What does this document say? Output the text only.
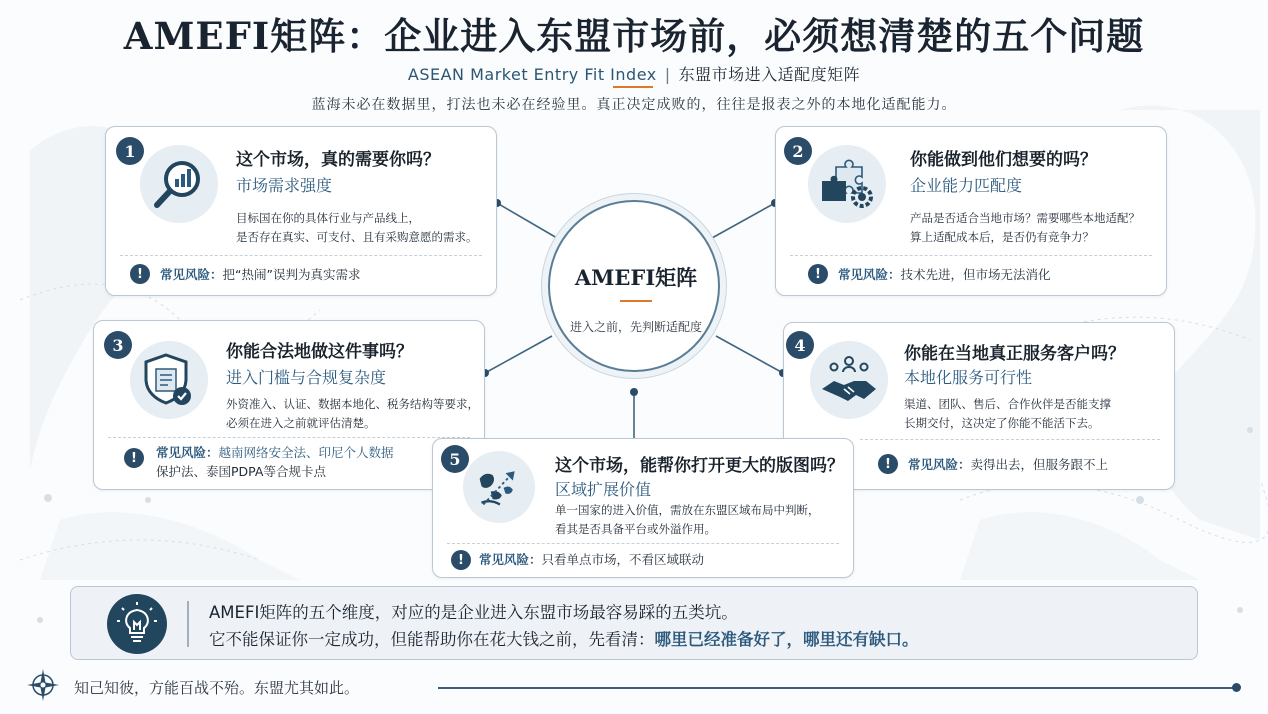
AMEFI矩阵：企业进入东盟市场前，必须想清楚的五个问题
ASEAN Market Entry Fit Index | 东盟市场进入适配度矩阵
蓝海未必在数据里，打法也未必在经验里。真正决定成败的，往往是报表之外的本地化适配能力。
AMEFI矩阵
进入之前，先判断适配度
1	这个市场，真的需要你吗？
市场需求强度
目标国在你的具体行业与产品线上，
是否存在真实、可支付、且有采购意愿的需求。
!	常见风险：把“热闹”误判为真实需求
2	你能做到他们想要的吗？
企业能力匹配度
产品是否适合当地市场？需要哪些本地适配？
算上适配成本后，是否仍有竞争力？
!	常见风险：技术先进，但市场无法消化
3	你能合法地做这件事吗？
进入门槛与合规复杂度
外资准入、认证、数据本地化、税务结构等要求，
必须在进入之前就评估清楚。
!	常见风险：越南网络安全法、印尼个人数据
保护法、泰国PDPA等合规卡点
4	你能在当地真正服务客户吗？
本地化服务可行性
渠道、团队、售后、合作伙伴是否能支撑
长期交付，这决定了你能不能活下去。
!	常见风险：卖得出去，但服务跟不上
5	这个市场，能帮你打开更大的版图吗？
区域扩展价值
单一国家的进入价值，需放在东盟区域布局中判断，
看其是否具备平台或外溢作用。
!	常见风险：只看单点市场，不看区域联动
AMEFI矩阵的五个维度，对应的是企业进入东盟市场最容易踩的五类坑。
它不能保证你一定成功，但能帮助你在花大钱之前，先看清：哪里已经准备好了，哪里还有缺口。
知己知彼，方能百战不殆。东盟尤其如此。
